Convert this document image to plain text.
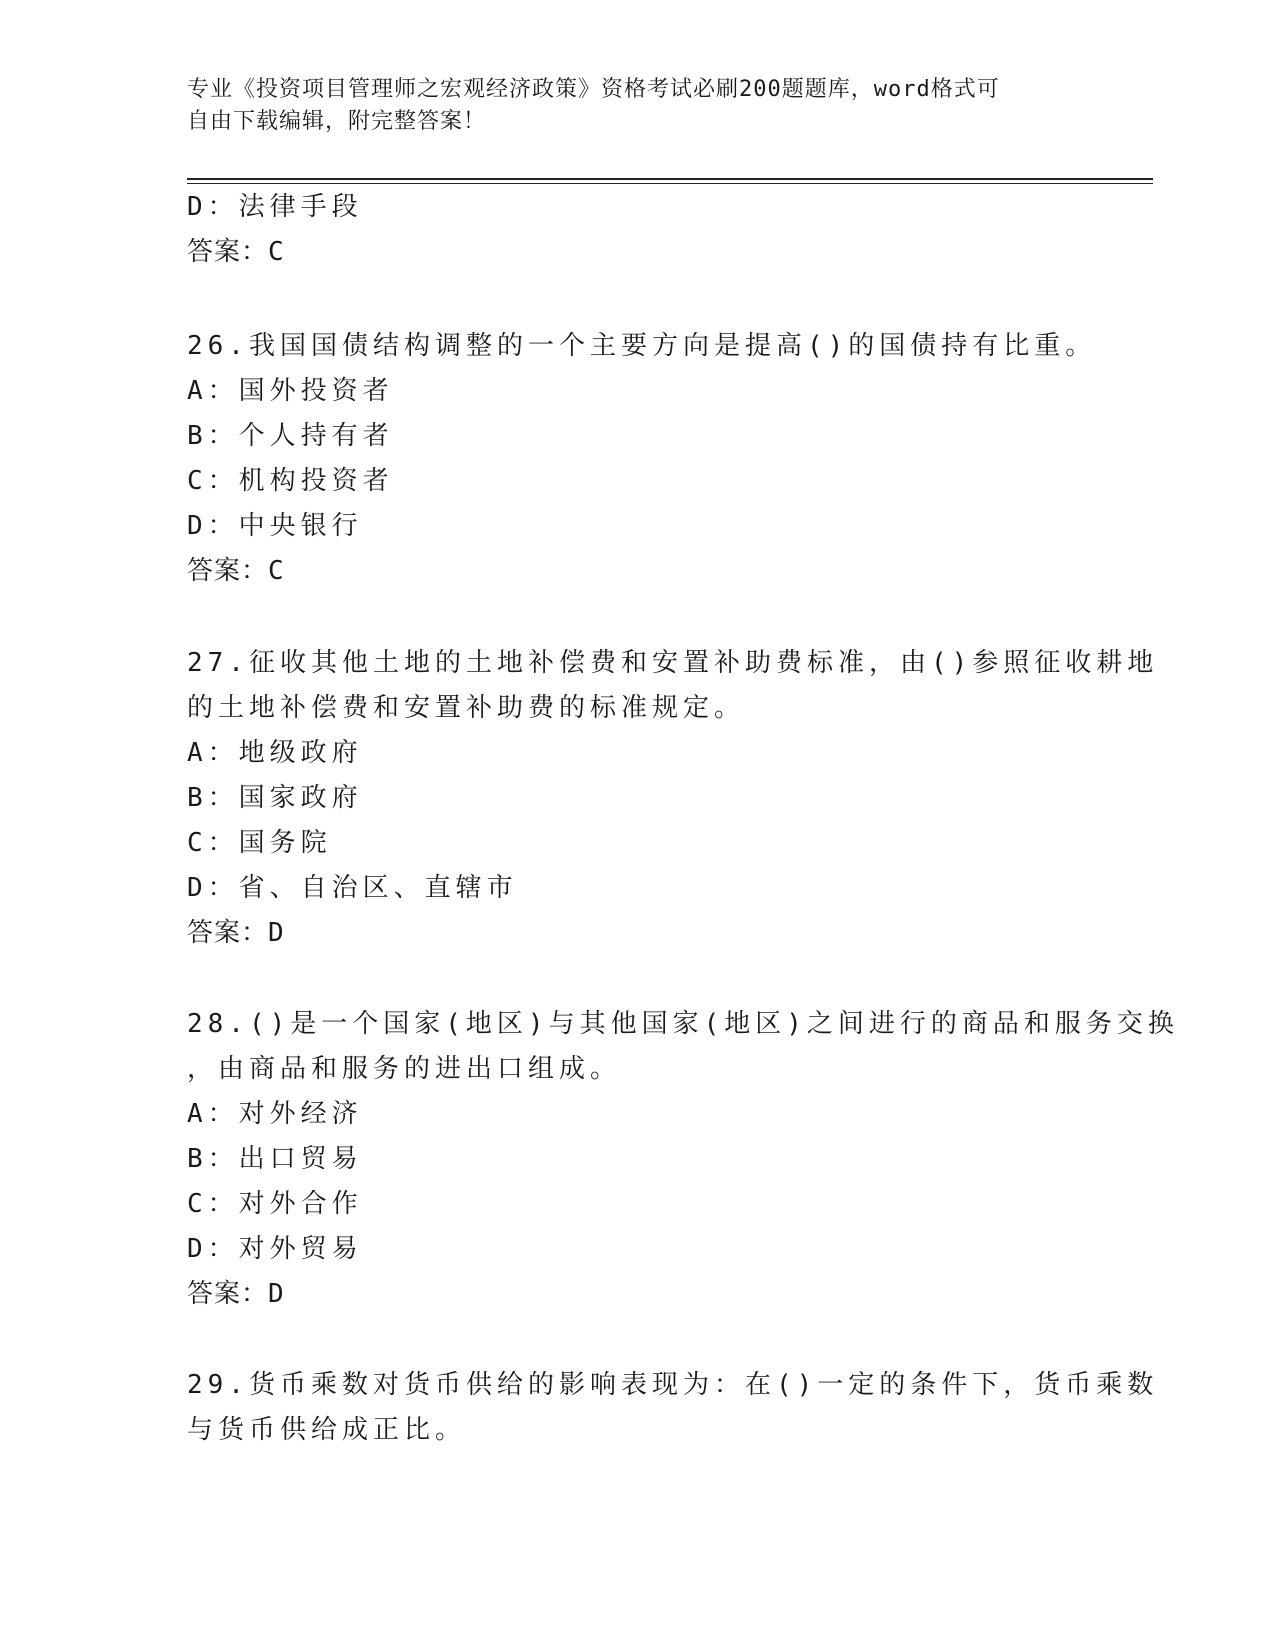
专业《投资项目管理师之宏观经济政策》资格考试必刷200题题库，word格式可
自由下载编辑，附完整答案！
D：法律手段
答案：C
26.我国国债结构调整的一个主要方向是提高()的国债持有比重。
A：国外投资者
B：个人持有者
C：机构投资者
D：中央银行
答案：C
27.征收其他土地的土地补偿费和安置补助费标准，由()参照征收耕地
的土地补偿费和安置补助费的标准规定。
A：地级政府
B：国家政府
C：国务院
D：省、自治区、直辖市
答案：D
28.()是一个国家(地区)与其他国家(地区)之间进行的商品和服务交换
，由商品和服务的进出口组成。
A：对外经济
B：出口贸易
C：对外合作
D：对外贸易
答案：D
29.货币乘数对货币供给的影响表现为：在()一定的条件下，货币乘数
与货币供给成正比。
